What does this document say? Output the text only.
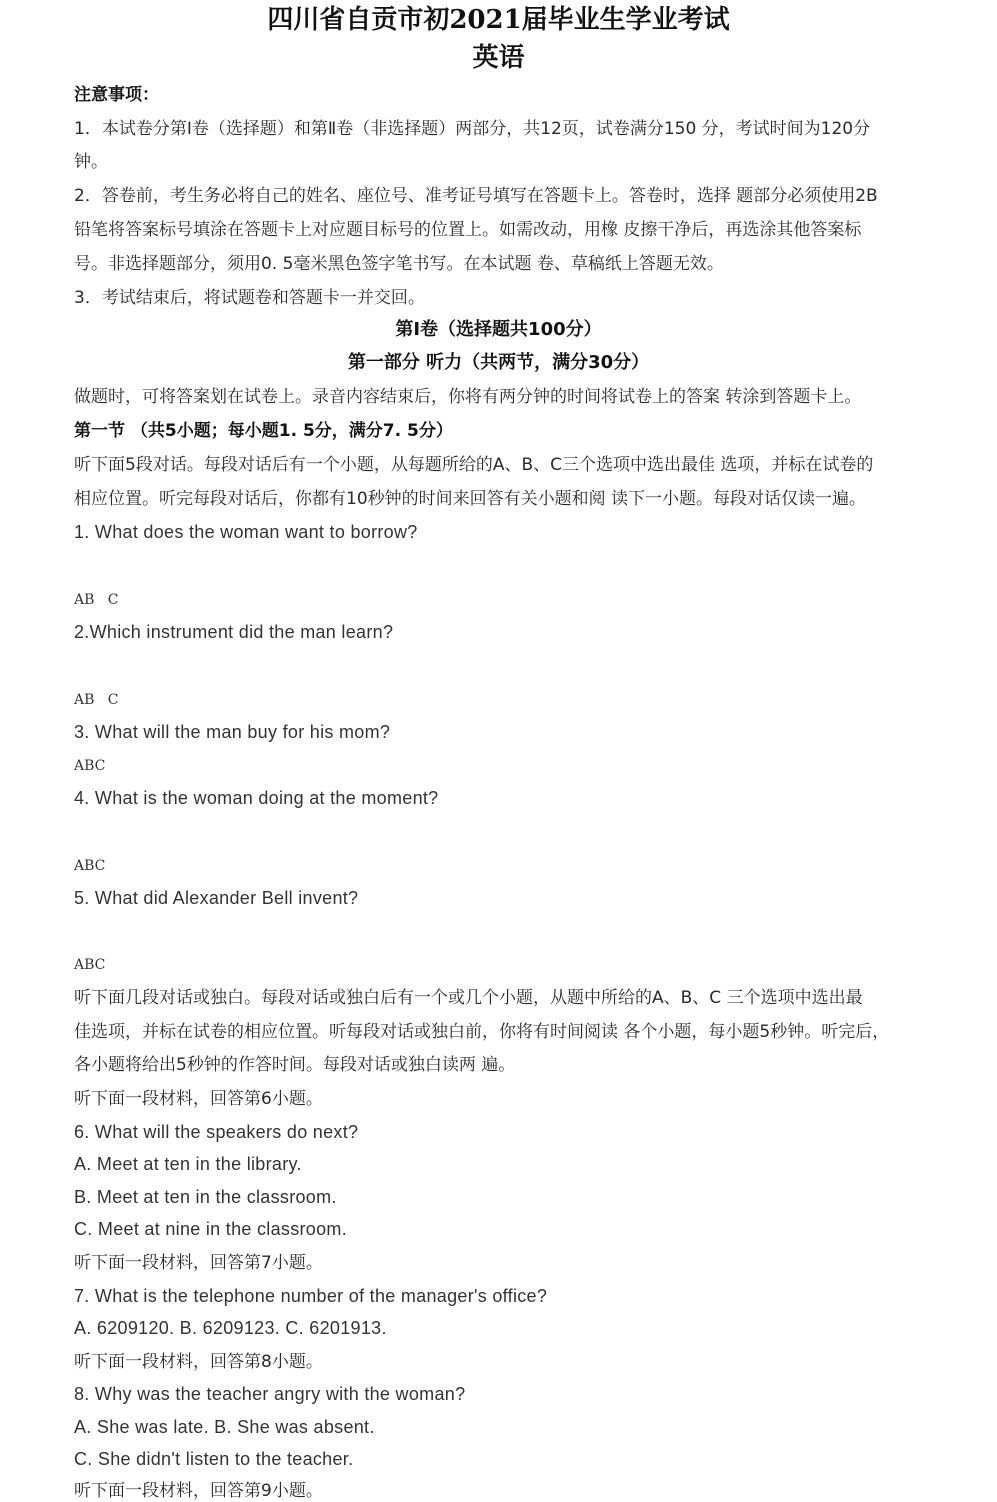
四川省自贡市初2021届毕业生学业考试
英语
注意事项：
1．本试卷分第Ⅰ卷（选择题）和第Ⅱ卷（非选择题）两部分，共12页，试卷满分150 分，考试时间为120分
钟。
2．答卷前，考生务必将自己的姓名、座位号、准考证号填写在答题卡上。答卷时，选择 题部分必须使用2B
铅笔将答案标号填涂在答题卡上对应题目标号的位置上。如需改动，用橡 皮擦干净后，再选涂其他答案标
号。非选择题部分，须用0. 5毫米黑色签字笔书写。在本试题 卷、草稿纸上答题无效。
3．考试结束后，将试题卷和答题卡一并交回。
第Ⅰ卷（选择题共100分）
第一部分 听力（共两节，满分30分）
做题时，可将答案划在试卷上。录音内容结束后，你将有两分钟的时间将试卷上的答案 转涂到答题卡上。
第一节 （共5小题；每小题1. 5分，满分7. 5分）
听下面5段对话。每段对话后有一个小题，从每题所给的A、B、C三个选项中选出最佳 选项，并标在试卷的
相应位置。听完每段对话后，你都有10秒钟的时间来回答有关小题和阅 读下一小题。每段对话仅读一遍。
1. What does the woman want to borrow?
AB   C
2.Which instrument did the man learn?
AB   C
3. What will the man buy for his mom?
ABC
4. What is the woman doing at the moment?
ABC
5. What did Alexander Bell invent?
ABC
听下面几段对话或独白。每段对话或独白后有一个或几个小题，从题中所给的A、B、C 三个选项中选出最
佳选项，并标在试卷的相应位置。听每段对话或独白前，你将有时间阅读 各个小题，每小题5秒钟。听完后，
各小题将给出5秒钟的作答时间。每段对话或独白读两 遍。
听下面一段材料，回答第6小题。
6. What will the speakers do next?
A. Meet at ten in the library.
B. Meet at ten in the classroom.
C. Meet at nine in the classroom.
听下面一段材料，回答第7小题。
7. What is the telephone number of the manager's office?
A. 6209120. B. 6209123. C. 6201913.
听下面一段材料，回答第8小题。
8. Why was the teacher angry with the woman?
A. She was late. B. She was absent.
C. She didn't listen to the teacher.
听下面一段材料，回答第9小题。
